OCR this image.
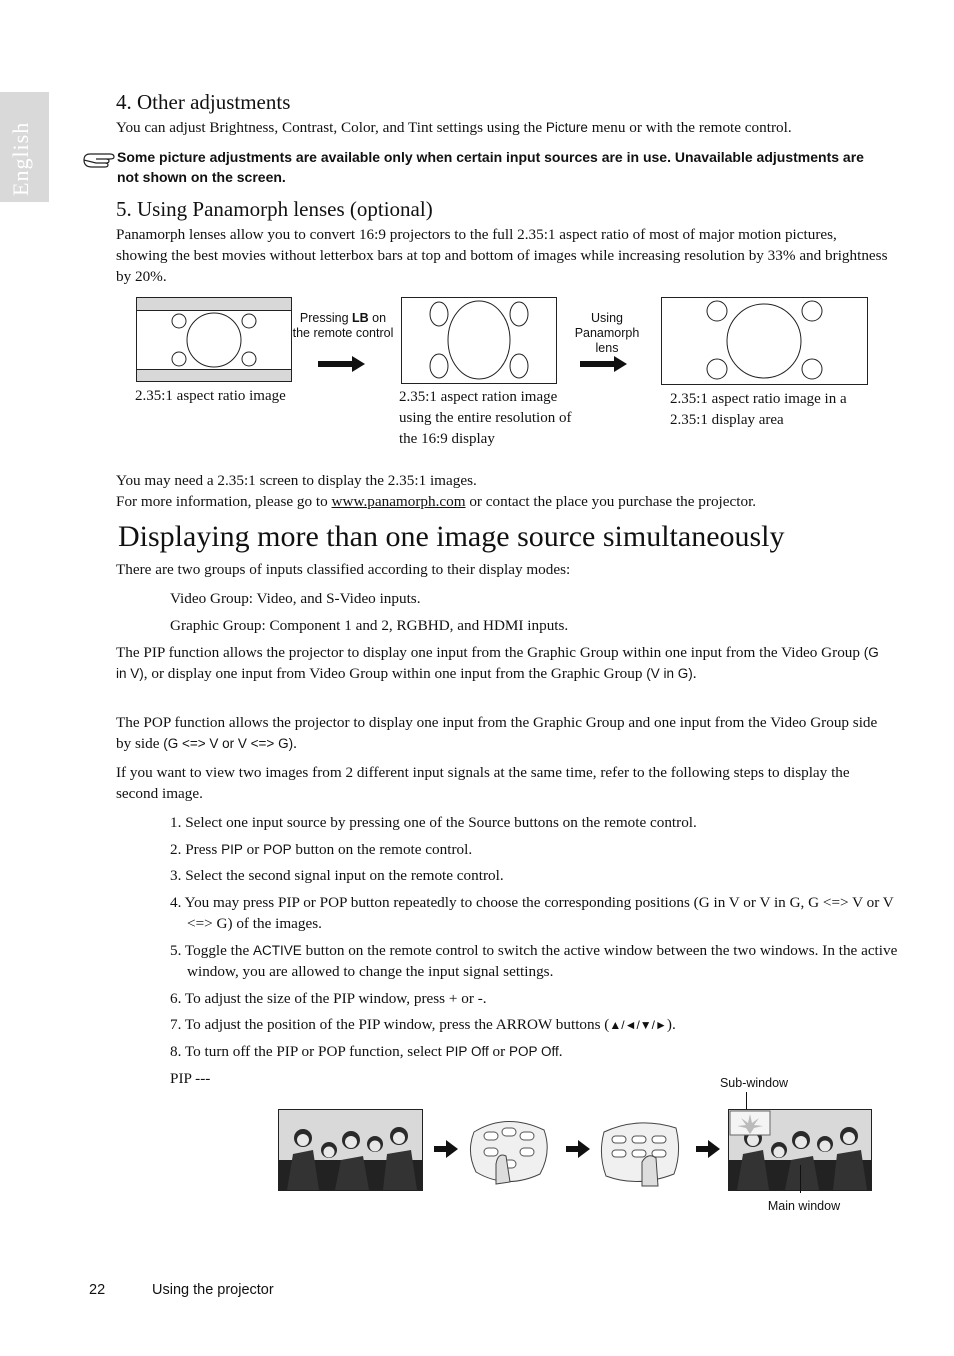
English
4. Other adjustments

You can adjust Brightness, Contrast, Color, and Tint settings using the Picture menu or with the remote control.

Some picture adjustments are available only when certain input sources are in use. Unavailable adjustments are not shown on the screen.

5. Using Panamorph lenses (optional)

Panamorph lenses allow you to convert 16:9 projectors to the full 2.35:1 aspect ratio of most of major motion pictures, showing the best movies without letterbox bars at top and bottom of images while increasing resolution by 33% and brightness by 20%.

2.35:1 aspect ratio image

Pressing LB on the remote control

2.35:1 aspect ration image using the entire resolution of the 16:9 display

Using Panamorph lens

2.35:1 aspect ratio image in a 2.35:1 display area

You may need a 2.35:1 screen to display the 2.35:1 images.

For more information, please go to www.panamorph.com or contact the place you purchase the projector.

Displaying more than one image source simultaneously

There are two groups of inputs classified according to their display modes:

Video Group: Video, and S-Video inputs.

Graphic Group: Component 1 and 2, RGBHD, and HDMI inputs.

The PIP function allows the projector to display one input from the Graphic Group within one input from the Video Group (G in V), or display one input from Video Group within one input from the Graphic Group (V in G).

The POP function allows the projector to display one input from the Graphic Group and one input from the Video Group side by side (G <=> V or V <=> G).

If you want to view two images from 2 different input signals at the same time, refer to the following steps to display the second image.

1. Select one input source by pressing one of the Source buttons on the remote control.

2. Press PIP or POP button on the remote control.

3. Select the second signal input on the remote control.

4. You may press PIP or POP button repeatedly to choose the corresponding positions (G in V or V in G, G <=> V or V <=> G) of the images.

5. Toggle the ACTIVE button on the remote control to switch the active window between the two windows. In the active window, you are allowed to change the input signal settings.

6. To adjust the size of the PIP window, press + or -.

7. To adjust the position of the PIP window, press the ARROW buttons (▲/◄/▼/►).

8. To turn off the PIP or POP function, select PIP Off or POP Off.

PIP ---	Sub-window

Main window

22	Using the projector
